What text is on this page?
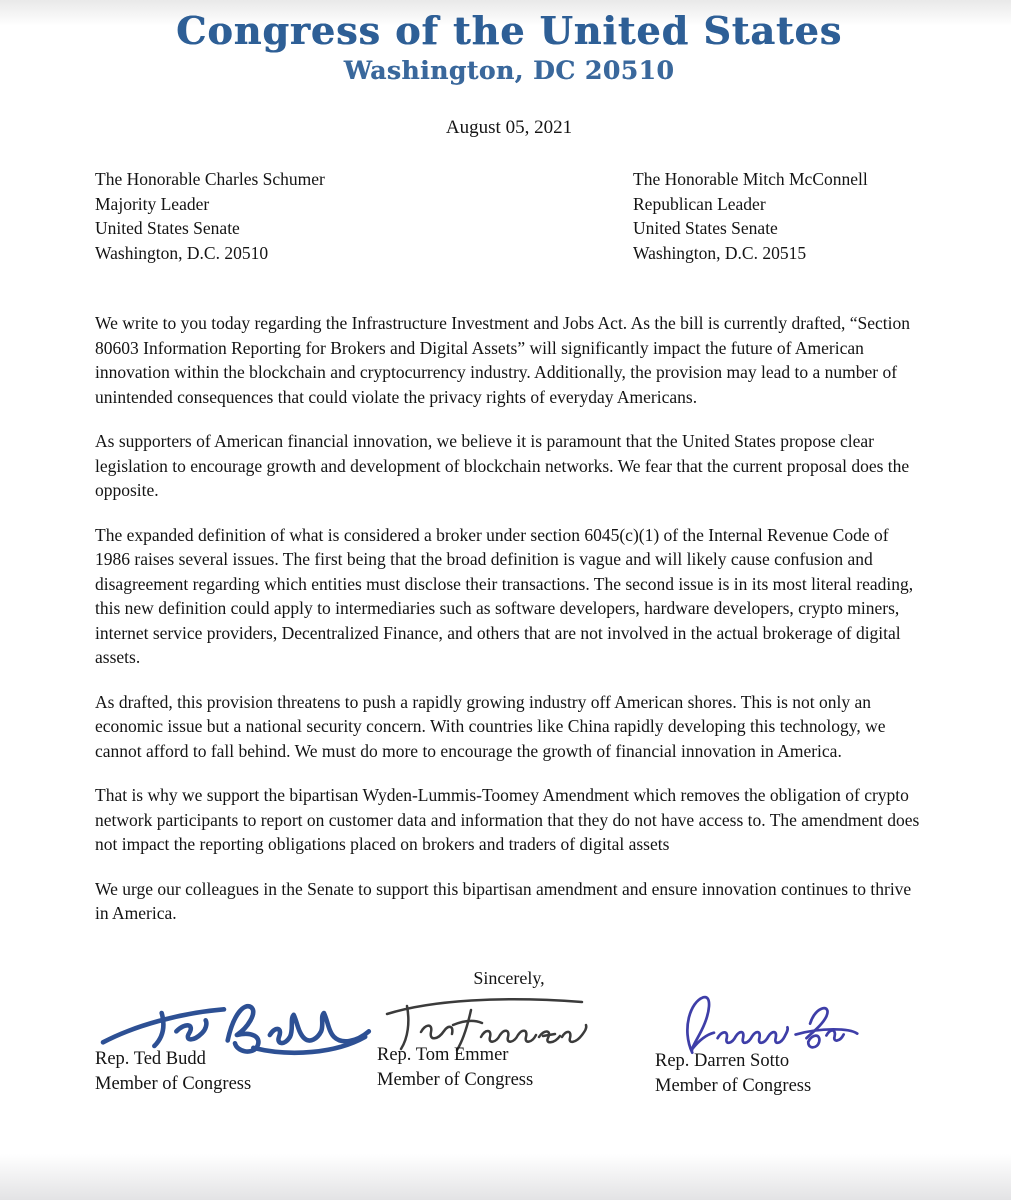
Congress of the United States
Washington, DC 20510
August 05, 2021
The Honorable Charles Schumer
Majority Leader
United States Senate
Washington, D.C. 20510
The Honorable Mitch McConnell
Republican Leader
United States Senate
Washington, D.C. 20515

We write to you today regarding the Infrastructure Investment and Jobs Act. As the bill is currently drafted, “Section 80603 Information Reporting for Brokers and Digital Assets” will significantly impact the future of American innovation within the blockchain and cryptocurrency industry. Additionally, the provision may lead to a number of unintended consequences that could violate the privacy rights of everyday Americans.

As supporters of American financial innovation, we believe it is paramount that the United States propose clear legislation to encourage growth and development of blockchain networks. We fear that the current proposal does the opposite.

The expanded definition of what is considered a broker under section 6045(c)(1) of the Internal Revenue Code of 1986 raises several issues. The first being that the broad definition is vague and will likely cause confusion and disagreement regarding which entities must disclose their transactions. The second issue is in its most literal reading, this new definition could apply to intermediaries such as software developers, hardware developers, crypto miners, internet service providers, Decentralized Finance, and others that are not involved in the actual brokerage of digital assets.

As drafted, this provision threatens to push a rapidly growing industry off American shores. This is not only an economic issue but a national security concern. With countries like China rapidly developing this technology, we cannot afford to fall behind. We must do more to encourage the growth of financial innovation in America.

That is why we support the bipartisan Wyden-Lummis-Toomey Amendment which removes the obligation of crypto network participants to report on customer data and information that they do not have access to. The amendment does not impact the reporting obligations placed on brokers and traders of digital assets

We urge our colleagues in the Senate to support this bipartisan amendment and ensure innovation continues to thrive in America.

Sincerely,
Rep. Ted Budd
Member of Congress
Rep. Tom Emmer
Member of Congress
Rep. Darren Sotto
Member of Congress
